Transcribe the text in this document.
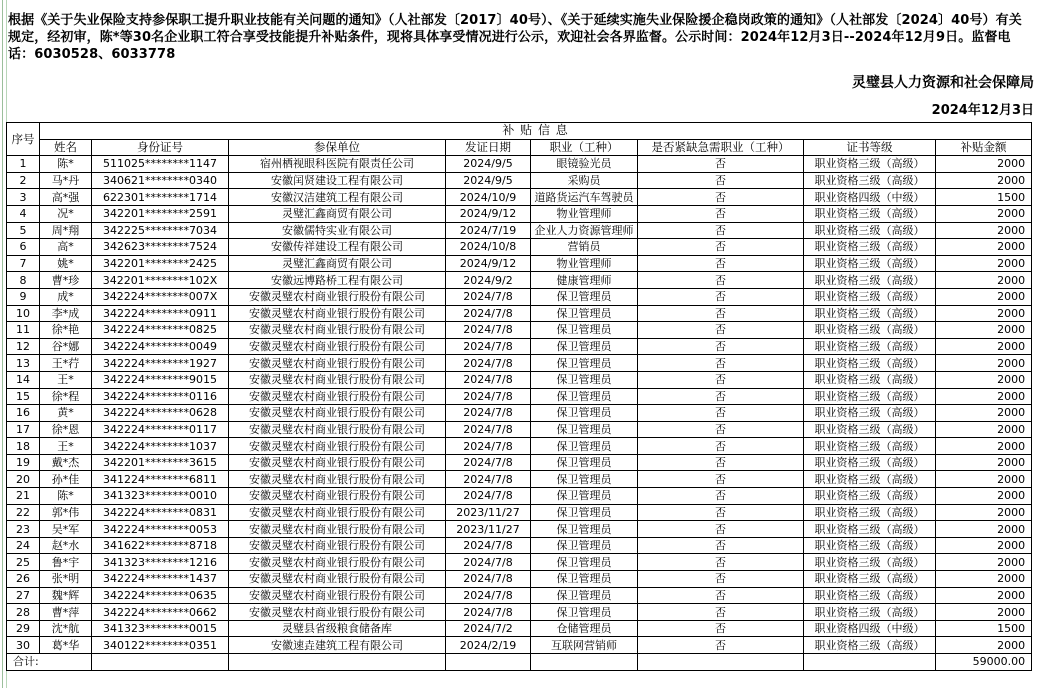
根据《关于失业保险支持参保职工提升职业技能有关问题的通知》（人社部发〔2017〕40号）、《关于延续实施失业保险援企稳岗政策的通知》（人社部发〔2024〕40号）有关规定，经初审，陈*等30名企业职工符合享受技能提升补贴条件，现将具体享受情况进行公示，欢迎社会各界监督。公示时间：2024年12月3日--2024年12月9日。监督电话：6030528、6033778
灵璧县人力资源和社会保障局
2024年12月3日
序号	补 贴 信 息							
	姓名	身份证号	参保单位	发证日期	职业（工种）	是否紧缺急需职业（工种）	证书等级	补贴金额
1	陈*	511025********1147	宿州栖视眼科医院有限责任公司	2024/9/5	眼镜验光员	否	职业资格三级（高级）	2000
2	马*丹	340621********0340	安徽闰贤建设工程有限公司	2024/9/5	采购员	否	职业资格三级（高级）	2000
3	高*强	622301********1714	安徽汉洁建筑工程有限公司	2024/10/9	道路货运汽车驾驶员	否	职业资格四级（中级）	1500
4	况*	342201********2591	灵璧汇鑫商贸有限公司	2024/9/12	物业管理师	否	职业资格三级（高级）	2000
5	周*翔	342225********7034	安徽儒特实业有限公司	2024/7/19	企业人力资源管理师	否	职业资格三级（高级）	2000
6	高*	342623********7524	安徽传祥建设工程有限公司	2024/10/8	营销员	否	职业资格三级（高级）	2000
7	姚*	342201********2425	灵璧汇鑫商贸有限公司	2024/9/12	物业管理师	否	职业资格三级（高级）	2000
8	曹*珍	342201********102X	安徽远博路桥工程有限公司	2024/9/2	健康管理师	否	职业资格三级（高级）	2000
9	成*	342224********007X	安徽灵璧农村商业银行股份有限公司	2024/7/8	保卫管理员	否	职业资格三级（高级）	2000
10	李*成	342224********0911	安徽灵璧农村商业银行股份有限公司	2024/7/8	保卫管理员	否	职业资格三级（高级）	2000
11	徐*艳	342224********0825	安徽灵璧农村商业银行股份有限公司	2024/7/8	保卫管理员	否	职业资格三级（高级）	2000
12	谷*娜	342224********0049	安徽灵璧农村商业银行股份有限公司	2024/7/8	保卫管理员	否	职业资格三级（高级）	2000
13	王*荇	342224********1927	安徽灵璧农村商业银行股份有限公司	2024/7/8	保卫管理员	否	职业资格三级（高级）	2000
14	王*	342224********9015	安徽灵璧农村商业银行股份有限公司	2024/7/8	保卫管理员	否	职业资格三级（高级）	2000
15	徐*程	342224********0116	安徽灵璧农村商业银行股份有限公司	2024/7/8	保卫管理员	否	职业资格三级（高级）	2000
16	黄*	342224********0628	安徽灵璧农村商业银行股份有限公司	2024/7/8	保卫管理员	否	职业资格三级（高级）	2000
17	徐*恩	342224********0117	安徽灵璧农村商业银行股份有限公司	2024/7/8	保卫管理员	否	职业资格三级（高级）	2000
18	王*	342224********1037	安徽灵璧农村商业银行股份有限公司	2024/7/8	保卫管理员	否	职业资格三级（高级）	2000
19	戴*杰	342201********3615	安徽灵璧农村商业银行股份有限公司	2024/7/8	保卫管理员	否	职业资格三级（高级）	2000
20	孙*佳	341224********6811	安徽灵璧农村商业银行股份有限公司	2024/7/8	保卫管理员	否	职业资格三级（高级）	2000
21	陈*	341323********0010	安徽灵璧农村商业银行股份有限公司	2024/7/8	保卫管理员	否	职业资格三级（高级）	2000
22	郭*伟	342224********0831	安徽灵璧农村商业银行股份有限公司	2023/11/27	保卫管理员	否	职业资格三级（高级）	2000
23	吴*军	342224********0053	安徽灵璧农村商业银行股份有限公司	2023/11/27	保卫管理员	否	职业资格三级（高级）	2000
24	赵*水	341622********8718	安徽灵璧农村商业银行股份有限公司	2024/7/8	保卫管理员	否	职业资格三级（高级）	2000
25	鲁*宇	341323********1216	安徽灵璧农村商业银行股份有限公司	2024/7/8	保卫管理员	否	职业资格三级（高级）	2000
26	张*明	342224********1437	安徽灵璧农村商业银行股份有限公司	2024/7/8	保卫管理员	否	职业资格三级（高级）	2000
27	魏*辉	342224********0635	安徽灵璧农村商业银行股份有限公司	2024/7/8	保卫管理员	否	职业资格三级（高级）	2000
28	曹*萍	342224********0662	安徽灵璧农村商业银行股份有限公司	2024/7/8	保卫管理员	否	职业资格三级（高级）	2000
29	沈*航	341323********0015	灵璧县省级粮食储备库	2024/7/2	仓储管理员	否	职业资格四级（中级）	1500
30	葛*华	340122********0351	安徽速垚建筑工程有限公司	2024/2/19	互联网营销师	否	职业资格三级（高级）	2000
合计:								59000.00
